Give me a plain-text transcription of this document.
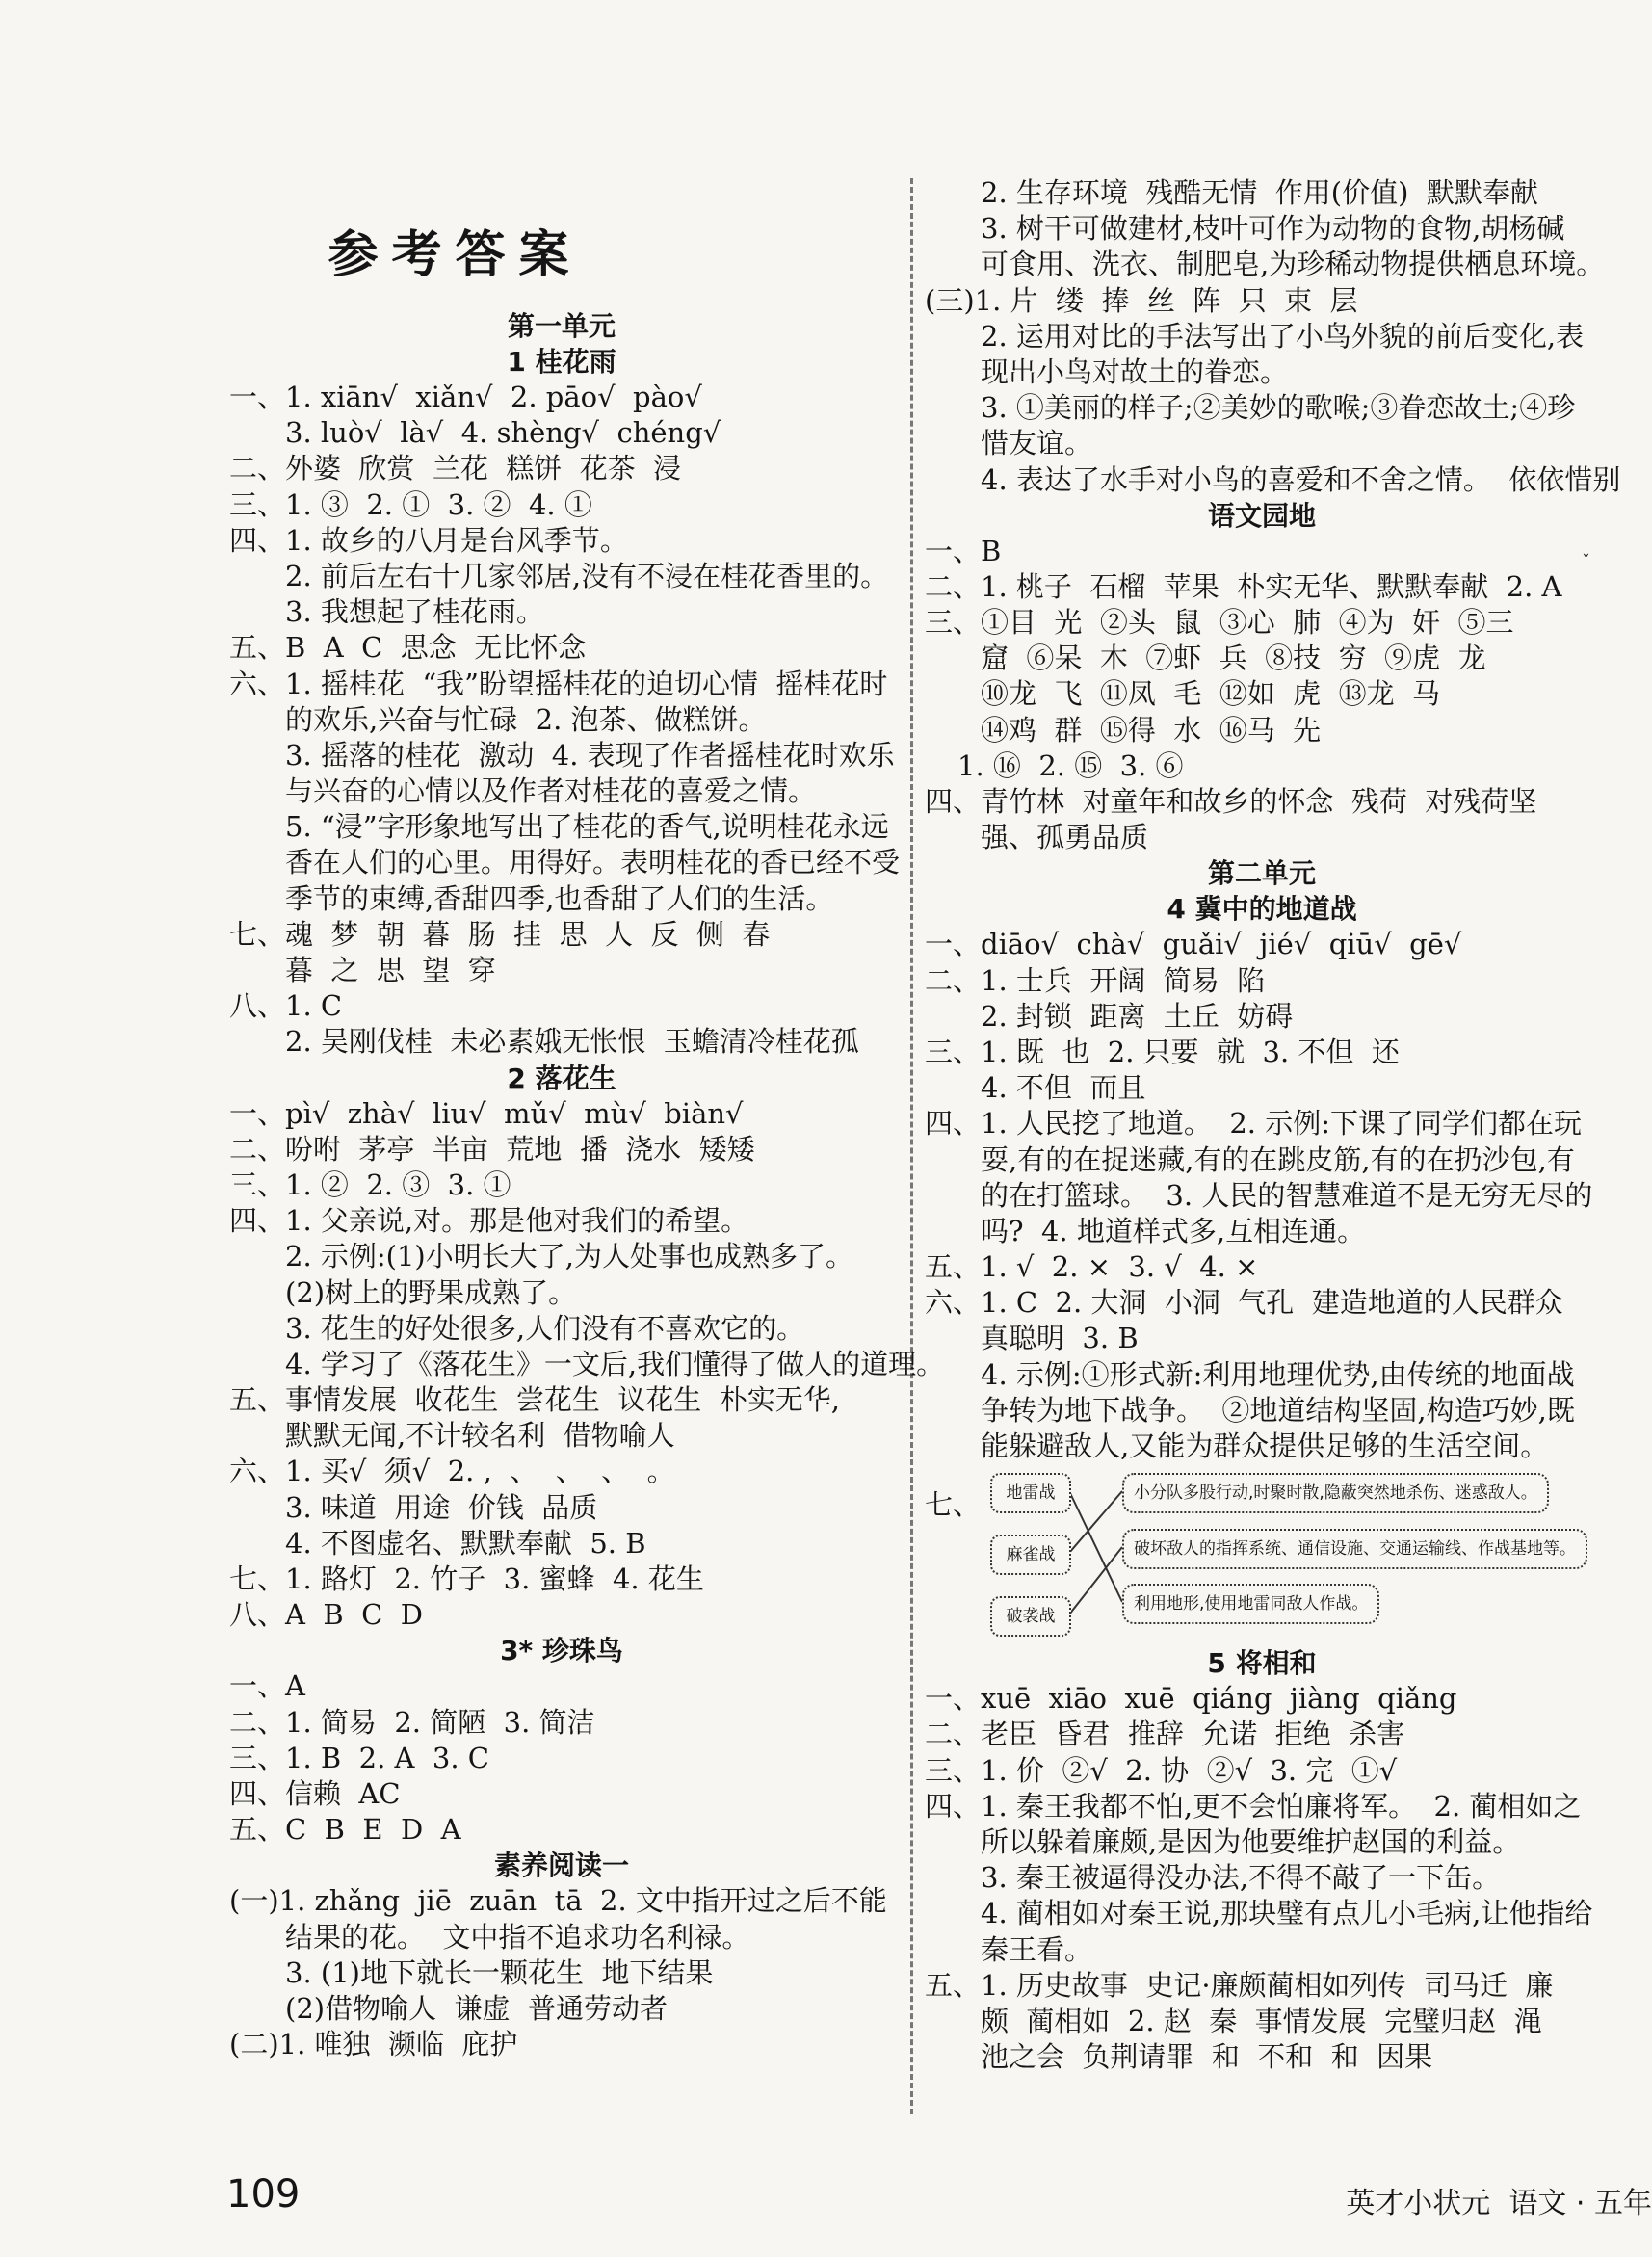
参考答案
第一单元
1 桂花雨
一、1. xiān√  xiǎn√  2. pāo√  pào√
3. luò√  là√  4. shèng√  chéng√
二、外婆  欣赏  兰花  糕饼  花茶  浸
三、1. ③  2. ①  3. ②  4. ①
四、1. 故乡的八月是台风季节。
2. 前后左右十几家邻居,没有不浸在桂花香里的。
3. 我想起了桂花雨。
五、B  A  C  思念  无比怀念
六、1. 摇桂花  “我”盼望摇桂花的迫切心情  摇桂花时
的欢乐,兴奋与忙碌  2. 泡茶、做糕饼。
3. 摇落的桂花  激动  4. 表现了作者摇桂花时欢乐
与兴奋的心情以及作者对桂花的喜爱之情。
5. “浸”字形象地写出了桂花的香气,说明桂花永远
香在人们的心里。用得好。表明桂花的香已经不受
季节的束缚,香甜四季,也香甜了人们的生活。
七、魂  梦  朝  暮  肠  挂  思  人  反  侧  春
暮  之  思  望  穿
八、1. C
2. 吴刚伐桂  未必素娥无怅恨  玉蟾清冷桂花孤
2 落花生
一、pì√  zhà√  liu√  mǔ√  mù√  biàn√
二、吩咐  茅亭  半亩  荒地  播  浇水  矮矮
三、1. ②  2. ③  3. ①
四、1. 父亲说,对。那是他对我们的希望。
2. 示例:(1)小明长大了,为人处事也成熟多了。
(2)树上的野果成熟了。
3. 花生的好处很多,人们没有不喜欢它的。
4. 学习了《落花生》一文后,我们懂得了做人的道理。
五、事情发展  收花生  尝花生  议花生  朴实无华,
默默无闻,不计较名利  借物喻人
六、1. 买√  须√  2. ,  、  、  、  。
3. 味道  用途  价钱  品质
4. 不图虚名、默默奉献  5. B
七、1. 路灯  2. 竹子  3. 蜜蜂  4. 花生
八、A  B  C  D
3* 珍珠鸟
一、A
二、1. 简易  2. 简陋  3. 简洁
三、1. B  2. A  3. C
四、信赖  AC
五、C  B  E  D  A
素养阅读一
(一)1. zhǎng  jiē  zuān  tā  2. 文中指开过之后不能
结果的花。  文中指不追求功名利禄。
3. (1)地下就长一颗花生  地下结果
(2)借物喻人  谦虚  普通劳动者
(二)1. 唯独  濒临  庇护
2. 生存环境  残酷无情  作用(价值)  默默奉献
3. 树干可做建材,枝叶可作为动物的食物,胡杨碱
可食用、洗衣、制肥皂,为珍稀动物提供栖息环境。
(三)1. 片  缕  捧  丝  阵  只  束  层
2. 运用对比的手法写出了小鸟外貌的前后变化,表
现出小鸟对故土的眷恋。
3. ①美丽的样子;②美妙的歌喉;③眷恋故土;④珍
惜友谊。
4. 表达了水手对小鸟的喜爱和不舍之情。  依依惜别
语文园地
一、B
二、1. 桃子  石榴  苹果  朴实无华、默默奉献  2. A
三、①目  光  ②头  鼠  ③心  肺  ④为  奸  ⑤三
窟  ⑥呆  木  ⑦虾  兵  ⑧技  穷  ⑨虎  龙
⑩龙  飞  ⑪凤  毛  ⑫如  虎  ⑬龙  马
⑭鸡  群  ⑮得  水  ⑯马  先
1. ⑯  2. ⑮  3. ⑥
四、青竹林  对童年和故乡的怀念  残荷  对残荷坚
强、孤勇品质
第二单元
4 冀中的地道战
一、diāo√  chà√  guǎi√  jié√  qiū√  gē√
二、1. 士兵  开阔  简易  陷
2. 封锁  距离  土丘  妨碍
三、1. 既  也  2. 只要  就  3. 不但  还
4. 不但  而且
四、1. 人民挖了地道。  2. 示例:下课了同学们都在玩
耍,有的在捉迷藏,有的在跳皮筋,有的在扔沙包,有
的在打篮球。  3. 人民的智慧难道不是无穷无尽的
吗?  4. 地道样式多,互相连通。
五、1. √  2. ×  3. √  4. ×
六、1. C  2. 大洞  小洞  气孔  建造地道的人民群众
真聪明  3. B
4. 示例:①形式新:利用地理优势,由传统的地面战
争转为地下战争。  ②地道结构坚固,构造巧妙,既
能躲避敌人,又能为群众提供足够的生活空间。
七、	地雷战
麻雀战
破袭战
小分队多股行动,时聚时散,隐蔽突然地杀伤、迷惑敌人。
破坏敌人的指挥系统、通信设施、交通运输线、作战基地等。
利用地形,使用地雷同敌人作战。
5 将相和
一、xuē  xiāo  xuē  qiáng  jiàng  qiǎng
二、老臣  昏君  推辞  允诺  拒绝  杀害
三、1. 价  ②√  2. 协  ②√  3. 完  ①√
四、1. 秦王我都不怕,更不会怕廉将军。  2. 蔺相如之
所以躲着廉颇,是因为他要维护赵国的利益。
3. 秦王被逼得没办法,不得不敲了一下缶。
4. 蔺相如对秦王说,那块璧有点儿小毛病,让他指给
秦王看。
五、1. 历史故事  史记·廉颇蔺相如列传  司马迁  廉
颇  蔺相如  2. 赵  秦  事情发展  完璧归赵  渑
池之会  负荆请罪  和  不和  和  因果
ˇ
109	英才小状元  语文 · 五年
